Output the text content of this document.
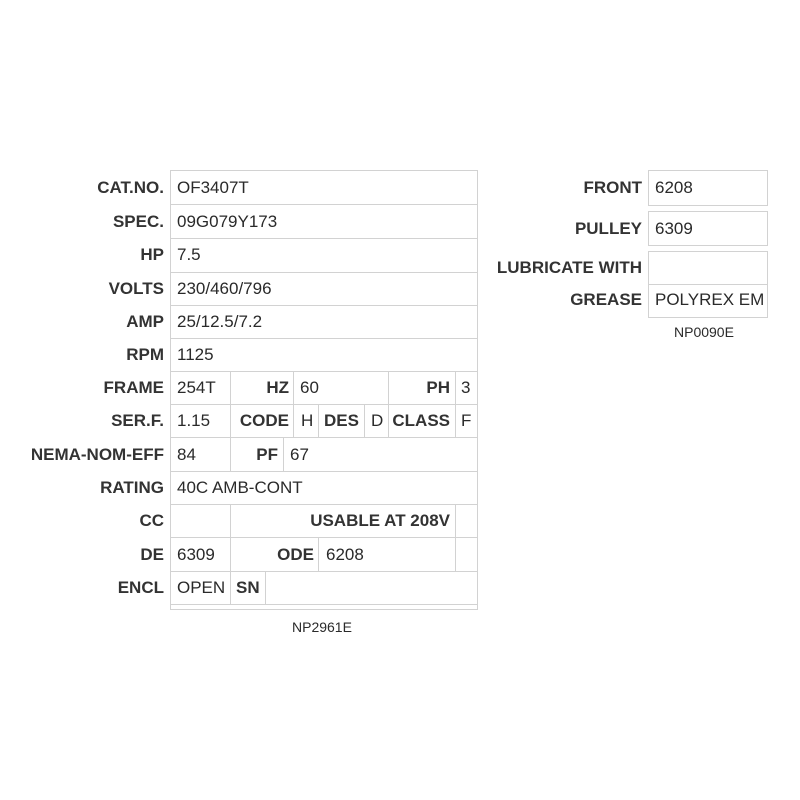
CAT.NO. OF3407T
SPEC. 09G079Y173
HP 7.5
VOLTS 230/460/796
AMP 25/12.5/7.2
RPM 1125
FRAME 254T	HZ 60	PH 3
SER.F. 1.15 CODE H DES D CLASS F
NEMA-NOM-EFF 84	PF 67
RATING 40C AMB-CONT
CC	USABLE AT 208V
DE 6309	ODE 6208
ENCL OPEN SN
NP2961E
FRONT 6208
PULLEY 6309
LUBRICATE WITH
GREASE POLYREX EM
NP0090E
